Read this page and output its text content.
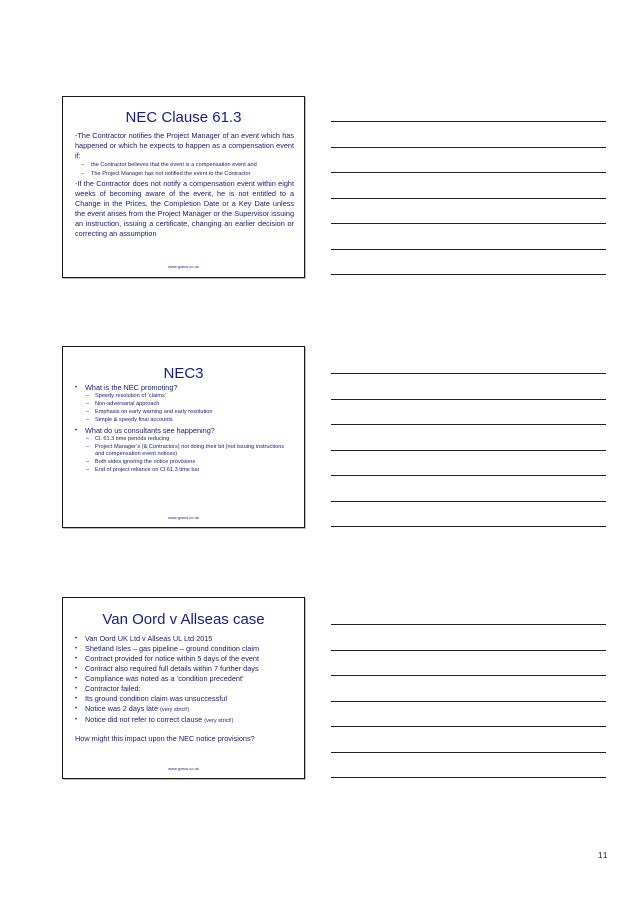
NEC Clause 61.3

-The Contractor notifies the Project Manager of an event which has happened or which he expects to happen as a compensation event if:

– the Contractor believes that the event is a compensation event and
– The Project Manager has not notified the event to the Contractor

-If the Contractor does not notify a compensation event within eight weeks of becoming aware of the event, he is not entitled to a Change in the Prices, the Completion Date or a Key Date unless the event arises from the Project Manager or the Supervisor issuing an instruction, issuing a certificate, changing an earlier decision or correcting an assumption

www.gvecs.co.uk
NEC3
• What is the NEC promoting?
– Speedy resolution of ‘claims’
– Non-adversarial approach
– Emphasis on early warning and early resolution
– Simple & speedy final accounts
• What do us consultants see happening?
– Cl. 61.3 time periods reducing
– Project Manager’s (& Contractors) not doing their bit (not issuing instructions and compensation event notices)
– Both sides ignoring the notice provisions
– End of project reliance on Cl.61.3 time bar
www.gvecs.co.uk
Van Oord v Allseas case
• Van Oord UK Ltd v Allseas UL Ltd 2015
• Shetland Isles – gas pipeline – ground condition claim
• Contract provided for notice within 5 days of the event
• Contract also required full details within 7 further days
• Compliance was noted as a ‘condition precedent’
• Contractor failed:
• Its ground condition claim was unsuccessful
• Notice was 2 days late (very strict!)
• Notice did not refer to correct clause (very strict!)
How might this impact upon the NEC notice provisions?
www.gvecs.co.uk
11
